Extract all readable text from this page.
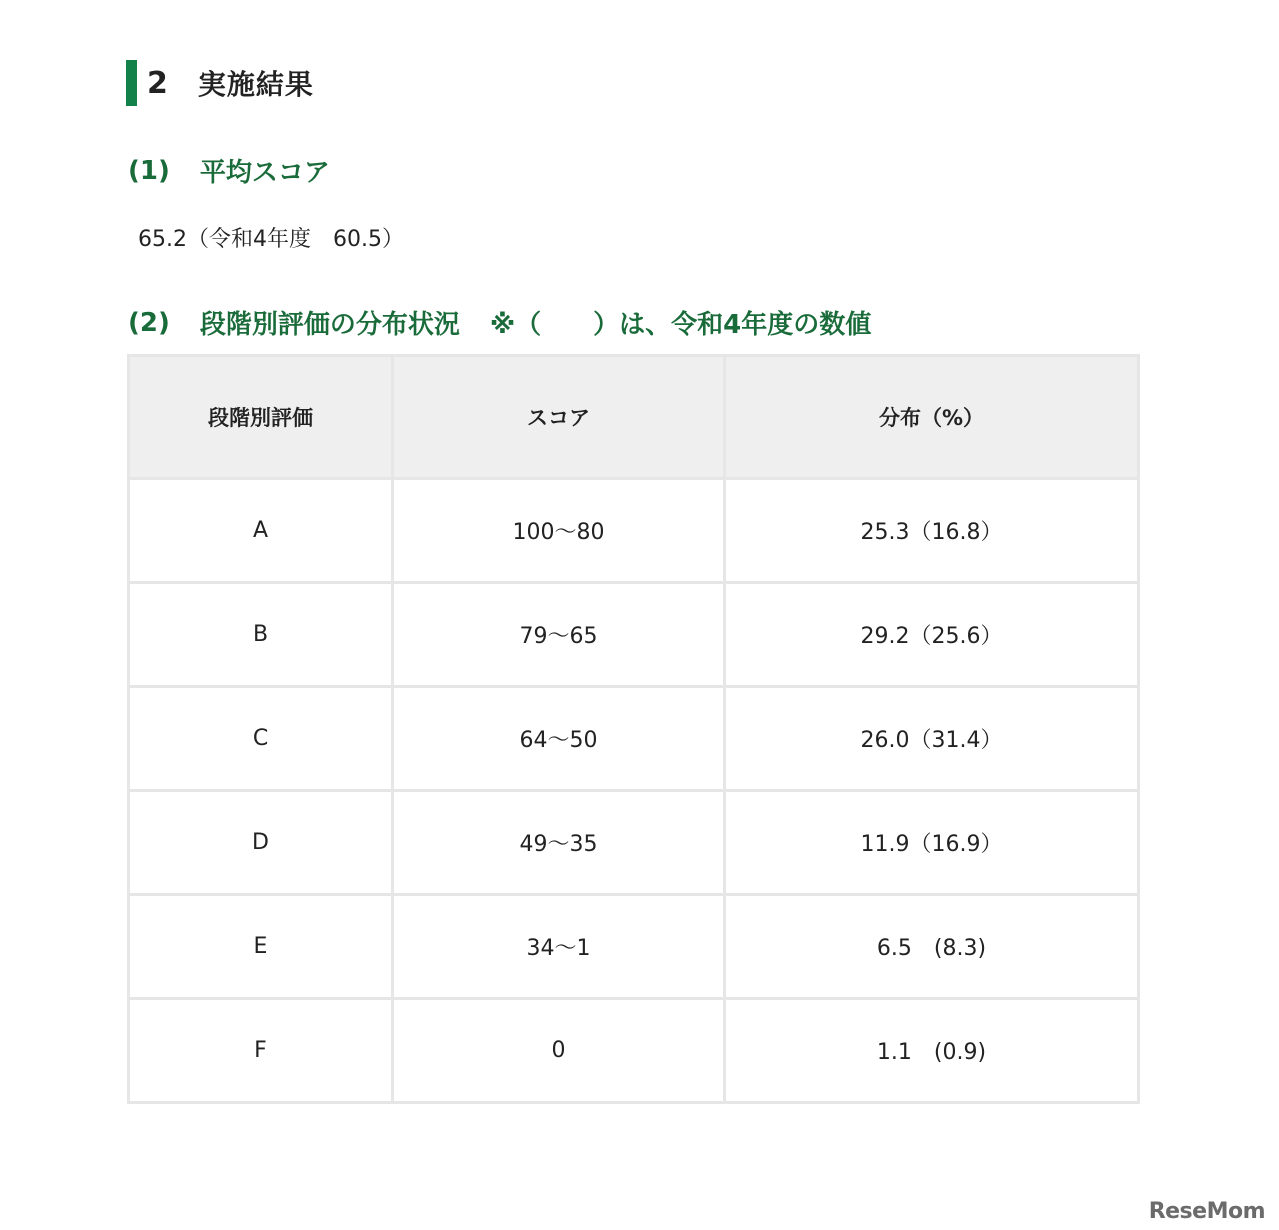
2 実施結果
(1) 平均スコア
65.2（令和4年度　60.5）
(2) 段階別評価の分布状況 ※（　　）は、令和4年度の数値
段階別評価	スコア	分布（%）
A	100〜80	25.3（16.8）
B	79〜65	29.2（25.6）
C	64〜50	26.0（31.4）
D	49〜35	11.9（16.9）
E	34〜1	6.5　(8.3)
F	0	1.1　(0.9)
ReseMom
